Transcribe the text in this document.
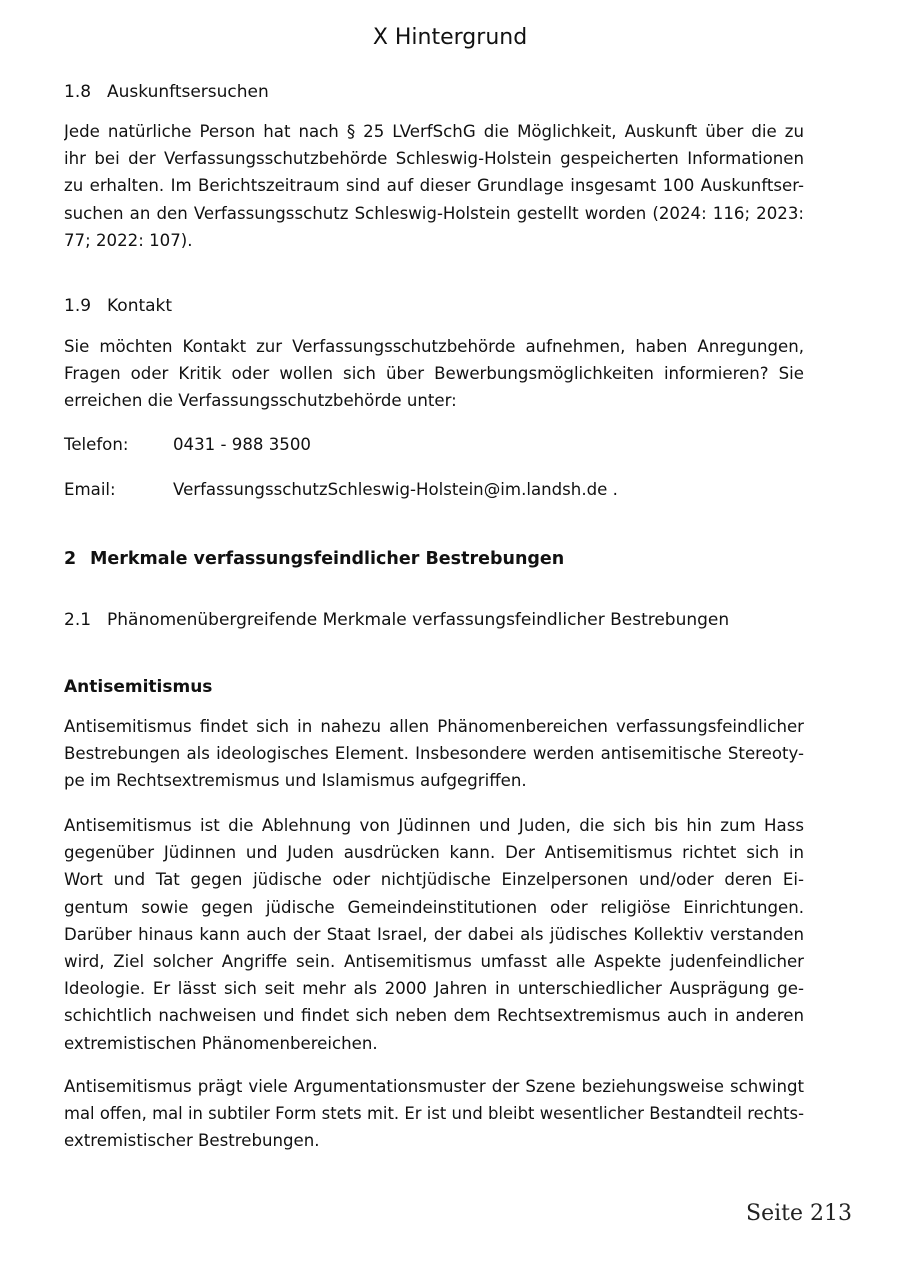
X Hintergrund
1.8 Auskunftsersuchen
Jede natürliche Person hat nach § 25 LVerfSchG die Möglichkeit, Auskunft über die zu
ihr bei der Verfassungsschutzbehörde Schleswig-Holstein gespeicherten Informationen
zu erhalten. Im Berichtszeitraum sind auf dieser Grundlage insgesamt 100 Auskunftser-
suchen an den Verfassungsschutz Schleswig-Holstein gestellt worden (2024: 116; 2023:
77; 2022: 107).
1.9 Kontakt
Sie möchten Kontakt zur Verfassungsschutzbehörde aufnehmen, haben Anregungen,
Fragen oder Kritik oder wollen sich über Bewerbungsmöglichkeiten informieren? Sie
erreichen die Verfassungsschutzbehörde unter:
Telefon:	0431 - 988 3500
Email:	VerfassungsschutzSchleswig-Holstein@im.landsh.de .
2 Merkmale verfassungsfeindlicher Bestrebungen
2.1 Phänomenübergreifende Merkmale verfassungsfeindlicher Bestrebungen
Antisemitismus
Antisemitismus findet sich in nahezu allen Phänomenbereichen verfassungsfeindlicher
Bestrebungen als ideologisches Element. Insbesondere werden antisemitische Stereoty-
pe im Rechtsextremismus und Islamismus aufgegriffen.
Antisemitismus ist die Ablehnung von Jüdinnen und Juden, die sich bis hin zum Hass
gegenüber Jüdinnen und Juden ausdrücken kann. Der Antisemitismus richtet sich in
Wort und Tat gegen jüdische oder nichtjüdische Einzelpersonen und/oder deren Ei-
gentum sowie gegen jüdische Gemeindeinstitutionen oder religiöse Einrichtungen.
Darüber hinaus kann auch der Staat Israel, der dabei als jüdisches Kollektiv verstanden
wird, Ziel solcher Angriffe sein. Antisemitismus umfasst alle Aspekte judenfeindlicher
Ideologie. Er lässt sich seit mehr als 2000 Jahren in unterschiedlicher Ausprägung ge-
schichtlich nachweisen und findet sich neben dem Rechtsextremismus auch in anderen
extremistischen Phänomenbereichen.
Antisemitismus prägt viele Argumentationsmuster der Szene beziehungsweise schwingt
mal offen, mal in subtiler Form stets mit. Er ist und bleibt wesentlicher Bestandteil rechts-
extremistischer Bestrebungen.
Seite 213
